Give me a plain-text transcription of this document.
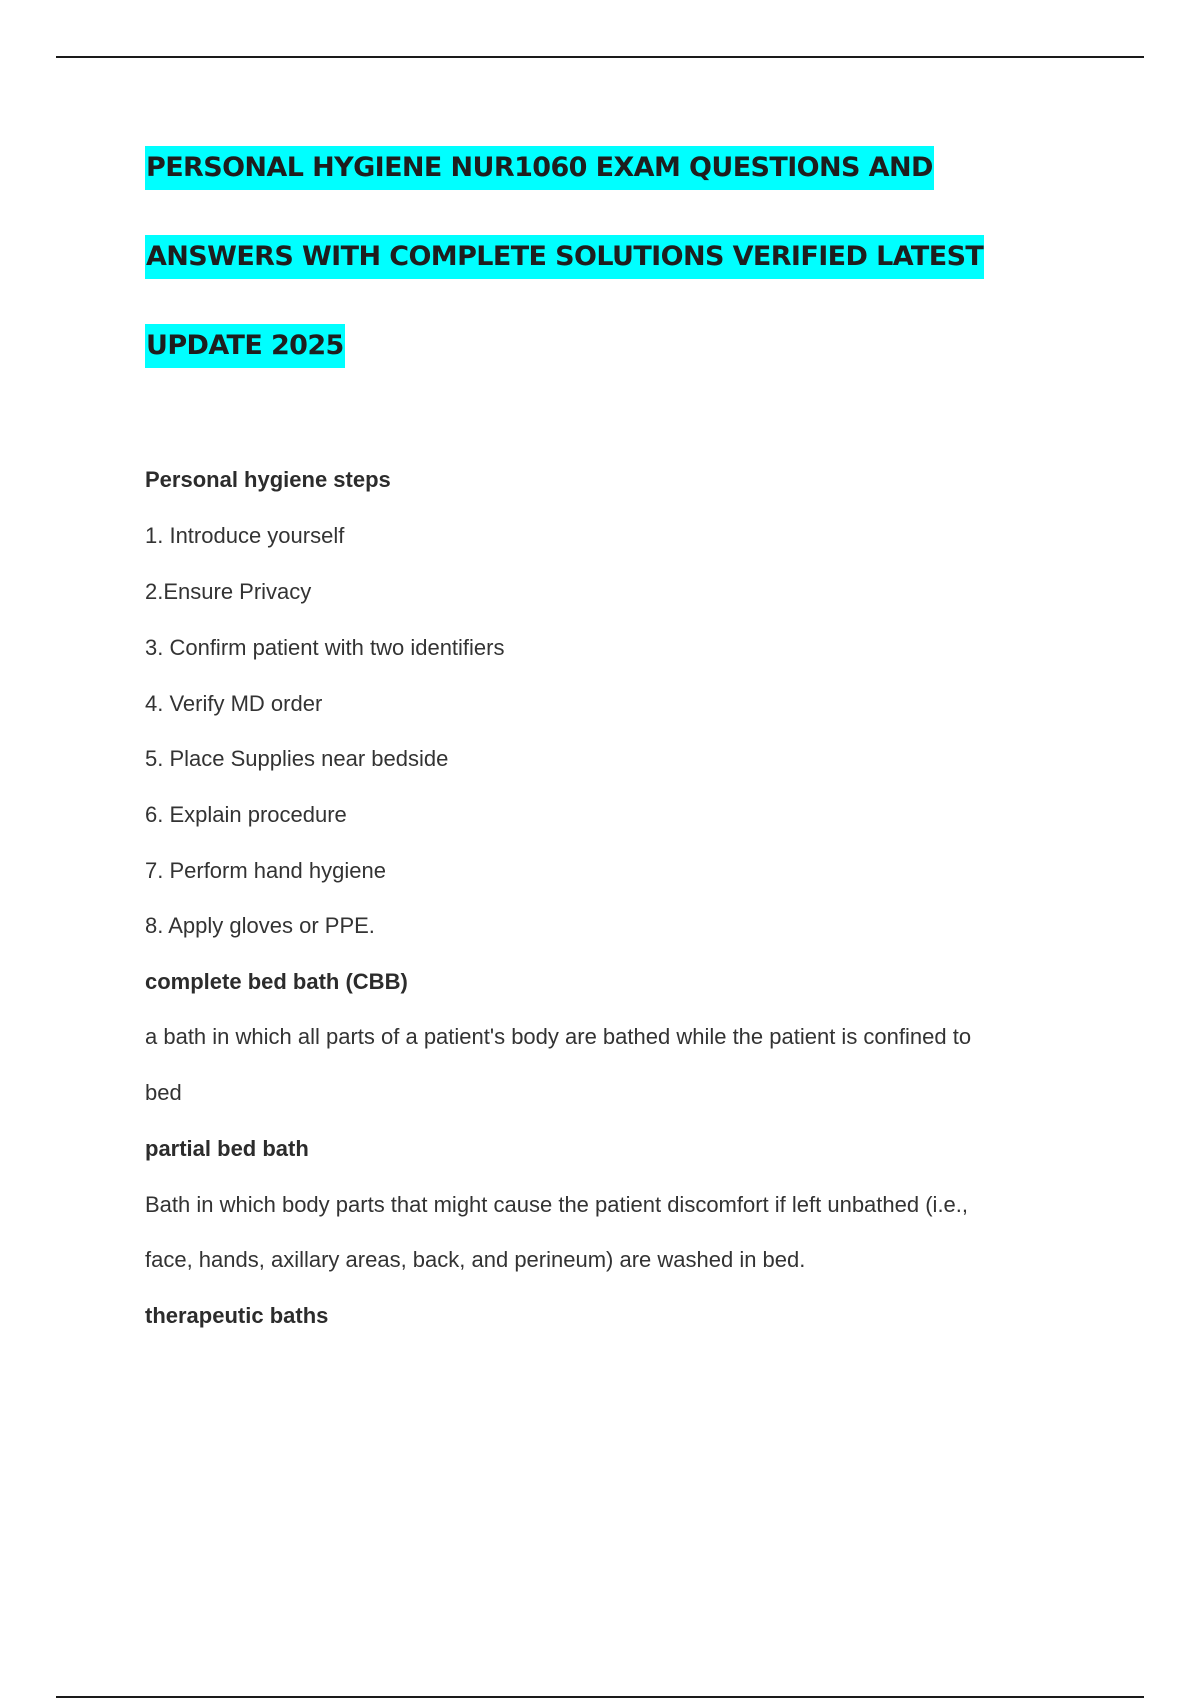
PERSONAL HYGIENE NUR1060 EXAM QUESTIONS AND
ANSWERS WITH COMPLETE SOLUTIONS VERIFIED LATEST
UPDATE 2025
Personal hygiene steps
1. Introduce yourself
2.Ensure Privacy
3. Confirm patient with two identifiers
4. Verify MD order
5. Place Supplies near bedside
6. Explain procedure
7. Perform hand hygiene
8. Apply gloves or PPE.
complete bed bath (CBB)
a bath in which all parts of a patient's body are bathed while the patient is confined to
bed
partial bed bath
Bath in which body parts that might cause the patient discomfort if left unbathed (i.e.,
face, hands, axillary areas, back, and perineum) are washed in bed.
therapeutic baths
